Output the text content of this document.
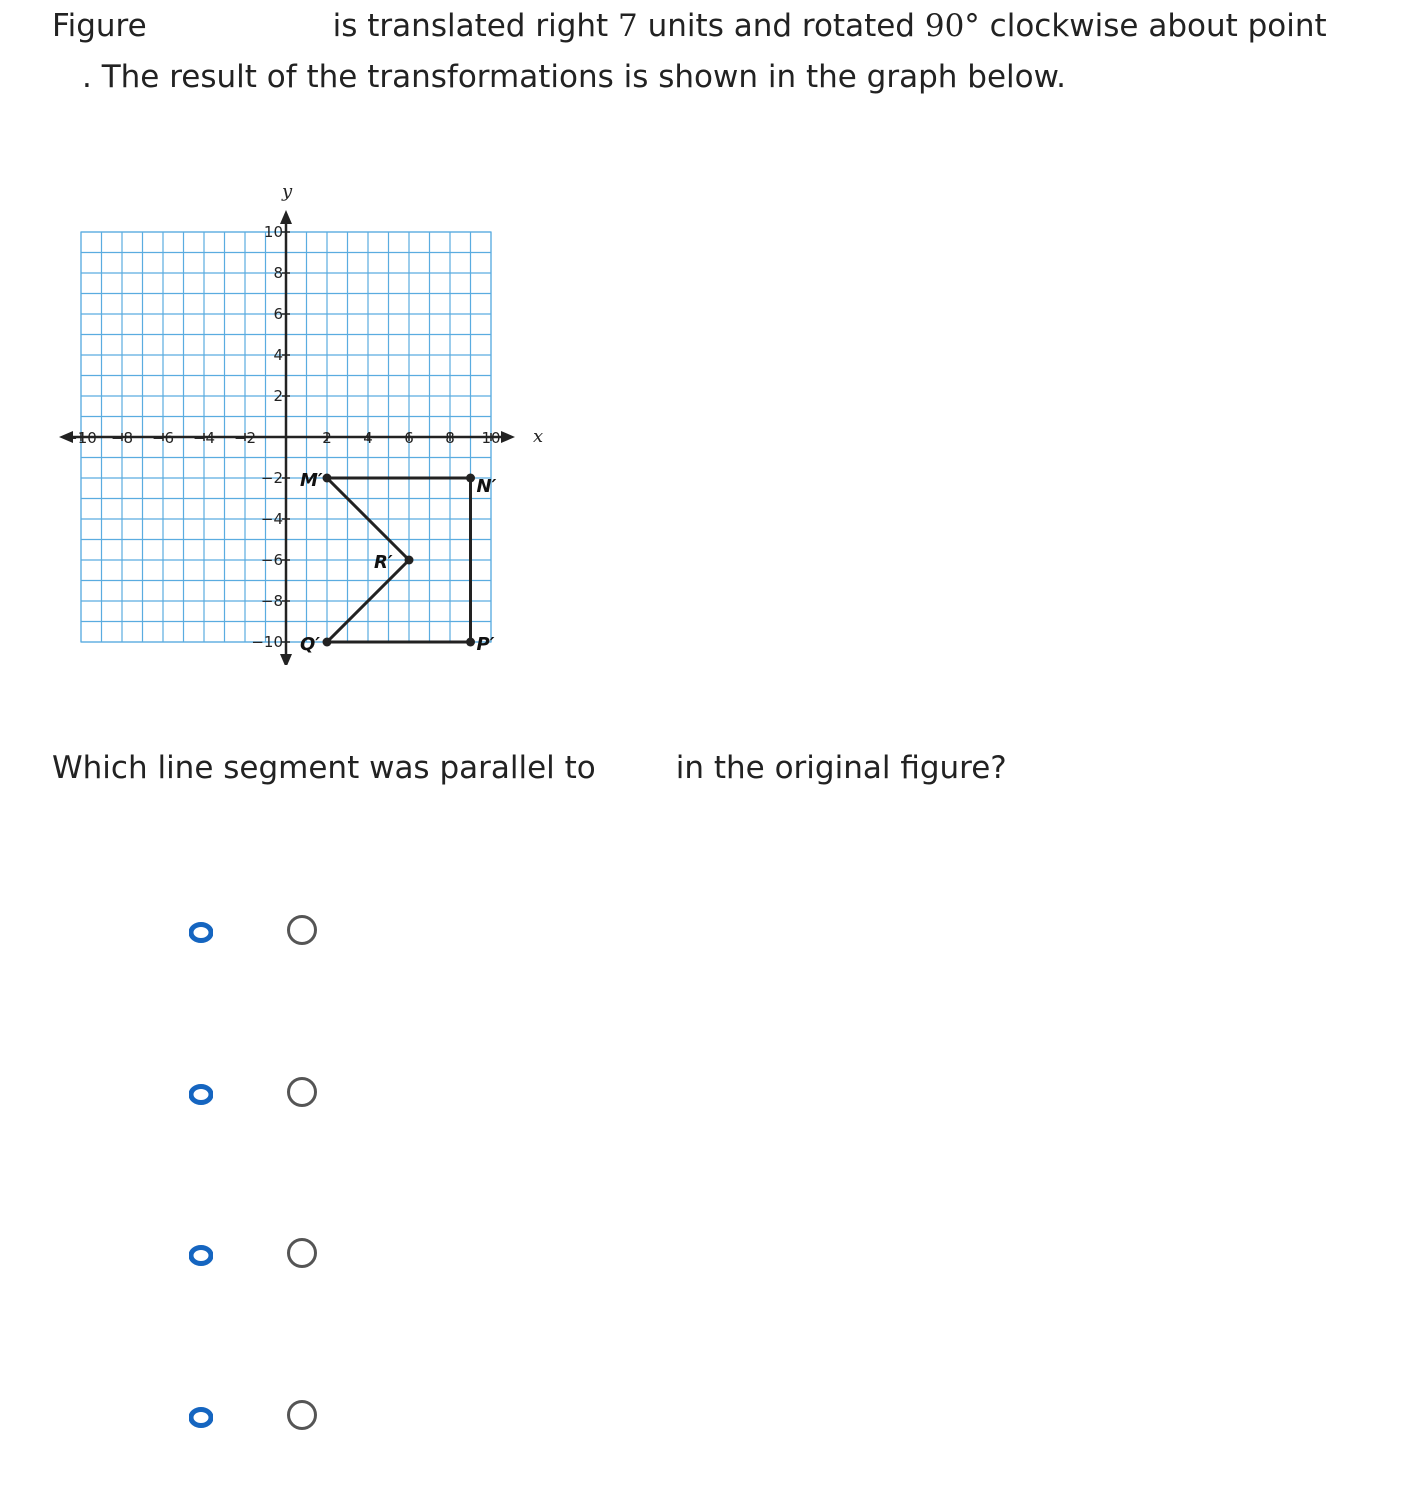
Figure	is translated right 7 units and rotated 90° clockwise about point
. The result of the transformations is shown in the graph below.
−10 −8 −6 −4 −2	2 4 6 8 10
10
8
6
4
2
−2
−4
−6
−8
−10
x
y
M′	N′
P′
Q′
R′
Which line segment was parallel to	in the original figure?
